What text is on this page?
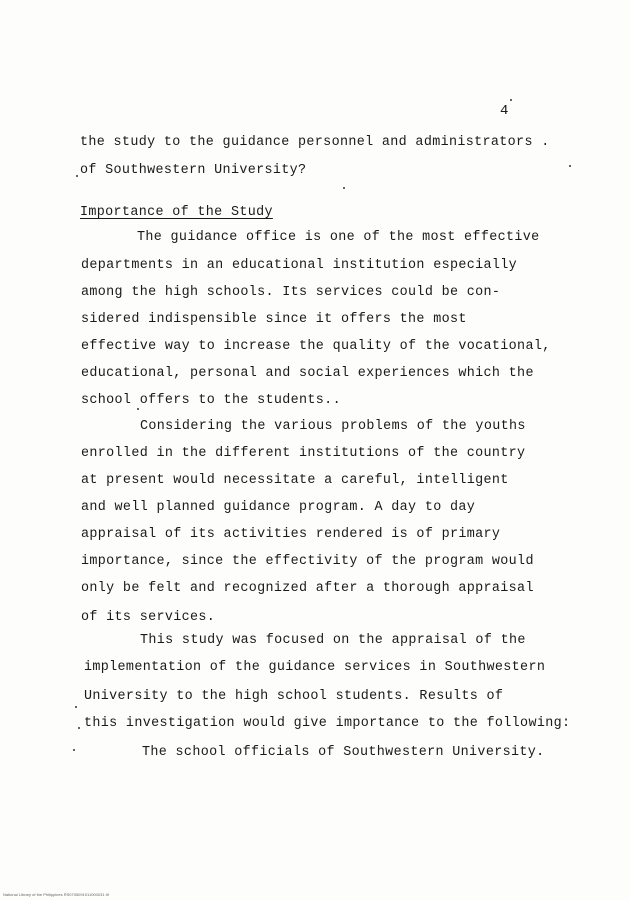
4
the study to the guidance personnel and administrators .
of Southwestern University?
Importance of the Study
The guidance office is one of the most effective
departments in an educational institution especially
among the high schools. Its services could be con-
sidered indispensible since it offers the most
effective way to increase the quality of the vocational,
educational, personal and social experiences which the
school offers to the students..
Considering the various problems of the youths
enrolled in the different institutions of the country
at present would necessitate a careful, intelligent
and well planned guidance program. A day to day
appraisal of its activities rendered is of primary
importance, since the effectivity of the program would
only be felt and recognized after a thorough appraisal
of its services.
This study was focused on the appraisal of the
implementation of the guidance services in Southwestern
University to the high school students. Results of
this investigation would give importance to the following:
The school officials of Southwestern University.
National Library of the Philippines RS0705091011000031 tif
